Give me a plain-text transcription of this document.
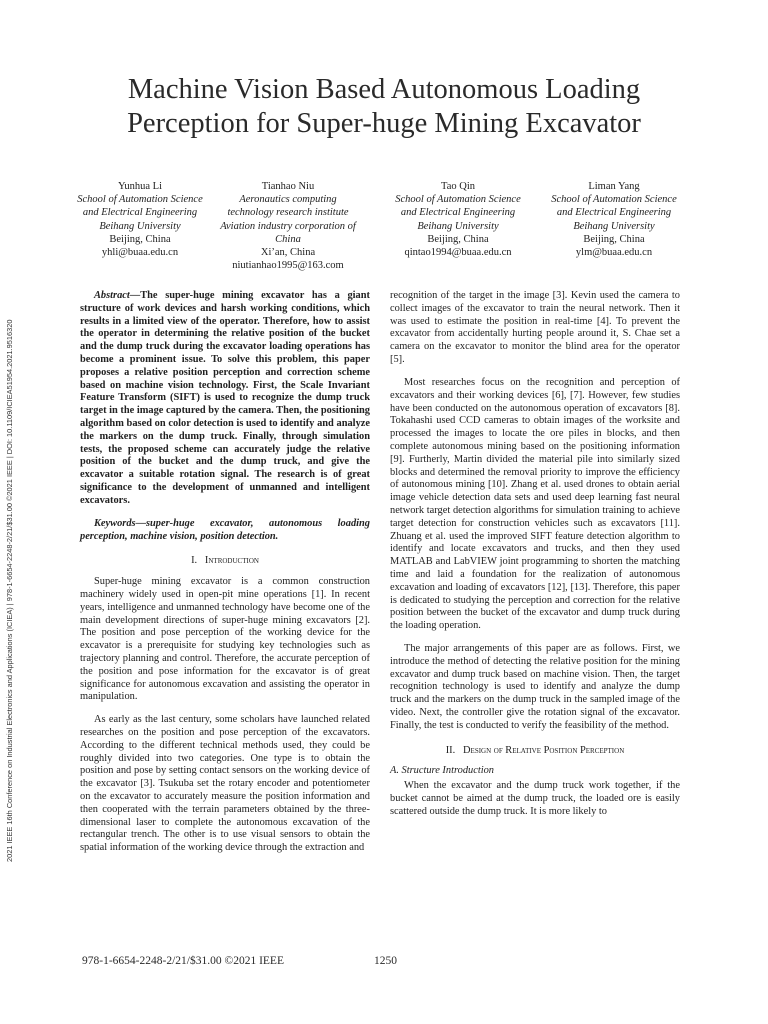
2021 IEEE 16th Conference on Industrial Electronics and Applications (ICIEA) | 978-1-6654-2248-2/21/$31.00 ©2021 IEEE | DOI: 10.1109/ICIEA51954.2021.9516320
Machine Vision Based Autonomous Loading
Perception for Super-huge Mining Excavator
Yunhua Li
School of Automation Science
and Electrical Engineering
Beihang University
Beijing, China
yhli@buaa.edu.cn
Tianhao Niu
Aeronautics computing
technology research institute
Aviation industry corporation of
China
Xi’an, China
niutianhao1995@163.com
Tao Qin
School of Automation Science
and Electrical Engineering
Beihang University
Beijing, China
qintao1994@buaa.edu.cn
Liman Yang
School of Automation Science
and Electrical Engineering
Beihang University
Beijing, China
ylm@buaa.edu.cn

Abstract—The super-huge mining excavator has a giant structure of work devices and harsh working conditions, which results in a limited view of the operator. Therefore, how to assist the operator in determining the relative position of the bucket and the dump truck during the excavator loading operations has become a prominent issue. To solve this problem, this paper proposes a relative position perception and correction scheme based on machine vision technology. First, the Scale Invariant Feature Transform (SIFT) is used to recognize the dump truck target in the image captured by the camera. Then, the positioning algorithm based on color detection is used to identify and analyze the markers on the dump truck. Finally, through simulation tests, the proposed scheme can accurately judge the relative position of the bucket and the dump truck, and give the excavator a suitable rotation signal. The research is of great significance to the development of unmanned and intelligent excavators.

Keywords—super-huge excavator, autonomous loading perception, machine vision, position detection.

I. Introduction

Super-huge mining excavator is a common construction machinery widely used in open-pit mine operations [1]. In recent years, intelligence and unmanned technology have become one of the main development directions of super-huge mining excavators [2]. The position and pose perception of the working device for the excavator is a prerequisite for studying key technologies such as trajectory planning and control. Therefore, the accurate perception of the position and pose information for the excavator is of great significance for autonomous excavation and assisting the operator in manipulation.

As early as the last century, some scholars have launched related researches on the position and pose perception of the excavators. According to the different technical methods used, they could be roughly divided into two categories. One type is to obtain the position and pose by setting contact sensors on the working device of the excavator [3]. Tsukuba set the rotary encoder and potentiometer on the excavator to accurately measure the position information and then cooperated with the terrain parameters obtained by the three-dimensional laser to complete the autonomous excavation of the rectangular trench. The other is to use visual sensors to obtain the spatial information of the working device through the extraction and

recognition of the target in the image [3]. Kevin used the camera to collect images of the excavator to train the neural network. Then it was used to estimate the position in real-time [4]. To prevent the excavator from accidentally hurting people around it, S. Chae set a camera on the excavator to monitor the blind area for the operator [5].

Most researches focus on the recognition and perception of excavators and their working devices [6], [7]. However, few studies have been conducted on the autonomous operation of excavators [8]. Tokahashi used CCD cameras to obtain images of the worksite and processed the images to locate the ore piles in blocks, and then complete autonomous mining based on the positioning information [9]. Furtherly, Martin divided the material pile into similarly sized blocks and determined the removal priority to improve the efficiency of autonomous mining [10]. Zhang et al. used drones to obtain aerial image vehicle detection data sets and used deep learning fast neural network target detection algorithms for simulation training to achieve target detection for construction vehicles such as excavators [11]. Zhuang et al. used the improved SIFT feature detection algorithm to identify and locate excavators and trucks, and then they used MATLAB and LabVIEW joint programming to shorten the matching time and laid a foundation for the realization of autonomous excavation and loading of excavators [12], [13]. Therefore, this paper is dedicated to studying the perception and correction for the relative position between the bucket of the excavator and dump truck during the loading operation.

The major arrangements of this paper are as follows. First, we introduce the method of detecting the relative position for the mining excavator and dump truck based on machine vision. Then, the target recognition technology is used to identify and analyze the dump truck and the markers on the dump truck in the sampled image of the video. Next, the controller give the rotation signal of the excavator. Finally, the test is conducted to verify the feasibility of the method.

II. Design of Relative Position Perception
A. Structure Introduction

When the excavator and the dump truck work together, if the bucket cannot be aimed at the dump truck, the loaded ore is easily scattered outside the dump truck. It is more likely to

978-1-6654-2248-2/21/$31.00 ©2021 IEEE	1250
